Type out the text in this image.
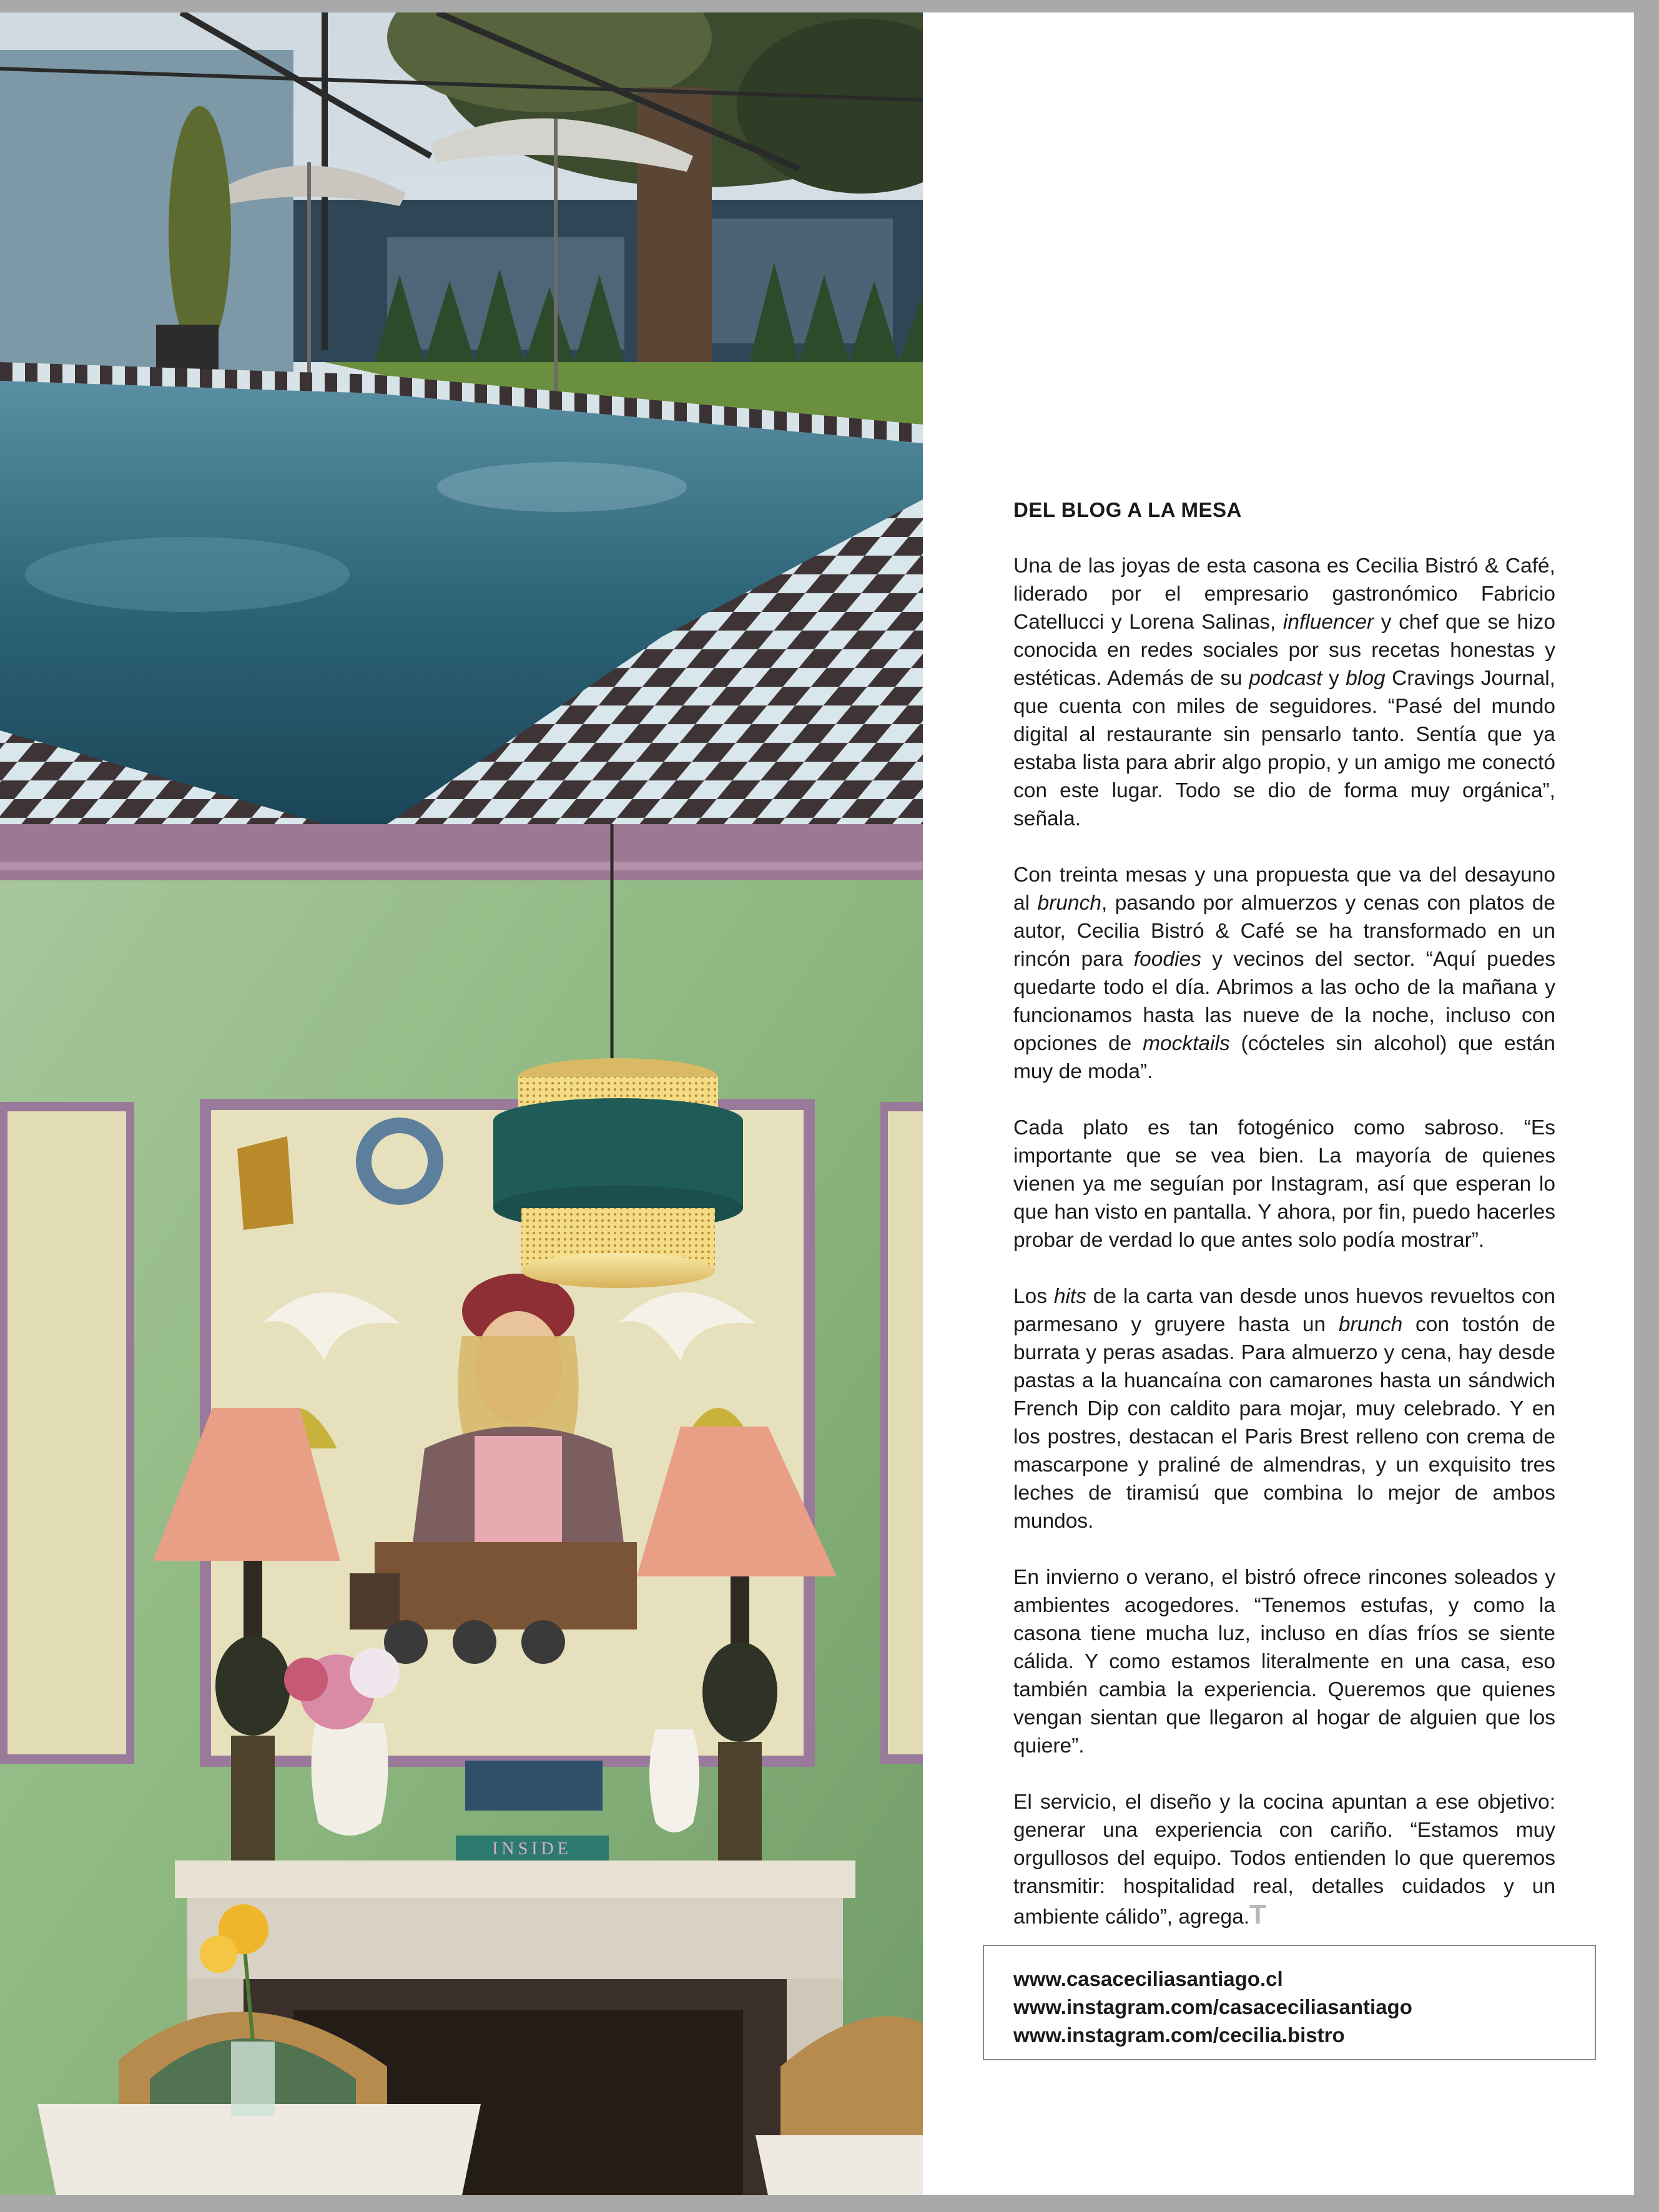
INSIDE
DEL BLOG A LA MESA

Una de las joyas de esta casona es Cecilia Bistró & Café, liderado por el empresario gastronómico Fabricio Catellucci y Lorena Salinas, influencer y chef que se hizo conocida en redes sociales por sus recetas honestas y estéticas. Además de su podcast y blog Cravings Journal, que cuenta con miles de seguidores. “Pasé del mundo digital al restaurante sin pensarlo tanto. Sentía que ya estaba lista para abrir algo propio, y un amigo me conectó con este lugar. Todo se dio de forma muy orgánica”, señala.

Con treinta mesas y una propuesta que va del desayuno al brunch, pasando por almuerzos y cenas con platos de autor, Cecilia Bistró & Café se ha transformado en un rincón para foodies y vecinos del sector. “Aquí puedes quedarte todo el día. Abrimos a las ocho de la mañana y funcionamos hasta las nueve de la noche, incluso con opciones de mocktails (cócteles sin alcohol) que están muy de moda”.

Cada plato es tan fotogénico como sabroso. “Es importante que se vea bien. La mayoría de quienes vienen ya me seguían por Instagram, así que esperan lo que han visto en pantalla. Y ahora, por fin, puedo hacerles probar de verdad lo que antes solo podía mostrar”.

Los hits de la carta van desde unos huevos revueltos con parmesano y gruyere hasta un brunch con tostón de burrata y peras asadas. Para almuerzo y cena, hay desde pastas a la huancaína con camarones hasta un sándwich French Dip con caldito para mojar, muy celebrado. Y en los postres, destacan el Paris Brest relleno con crema de mascarpone y praliné de almendras, y un exquisito tres leches de tiramisú que combina lo mejor de ambos mundos.

En invierno o verano, el bistró ofrece rincones soleados y ambientes acogedores. “Tenemos estufas, y como la casona tiene mucha luz, incluso en días fríos se siente cálida. Y como estamos literalmente en una casa, eso también cambia la experiencia. Queremos que quienes vengan sientan que llegaron al hogar de alguien que los quiere”.

El servicio, el diseño y la cocina apuntan a ese objetivo: generar una experiencia con cariño. “Estamos muy orgullosos del equipo. Todos entienden lo que queremos transmitir: hospitalidad real, detalles cuidados y un ambiente cálido”, agrega.T

www.casaceciliasantiago.cl
www.instagram.com/casaceciliasantiago
www.instagram.com/cecilia.bistro
